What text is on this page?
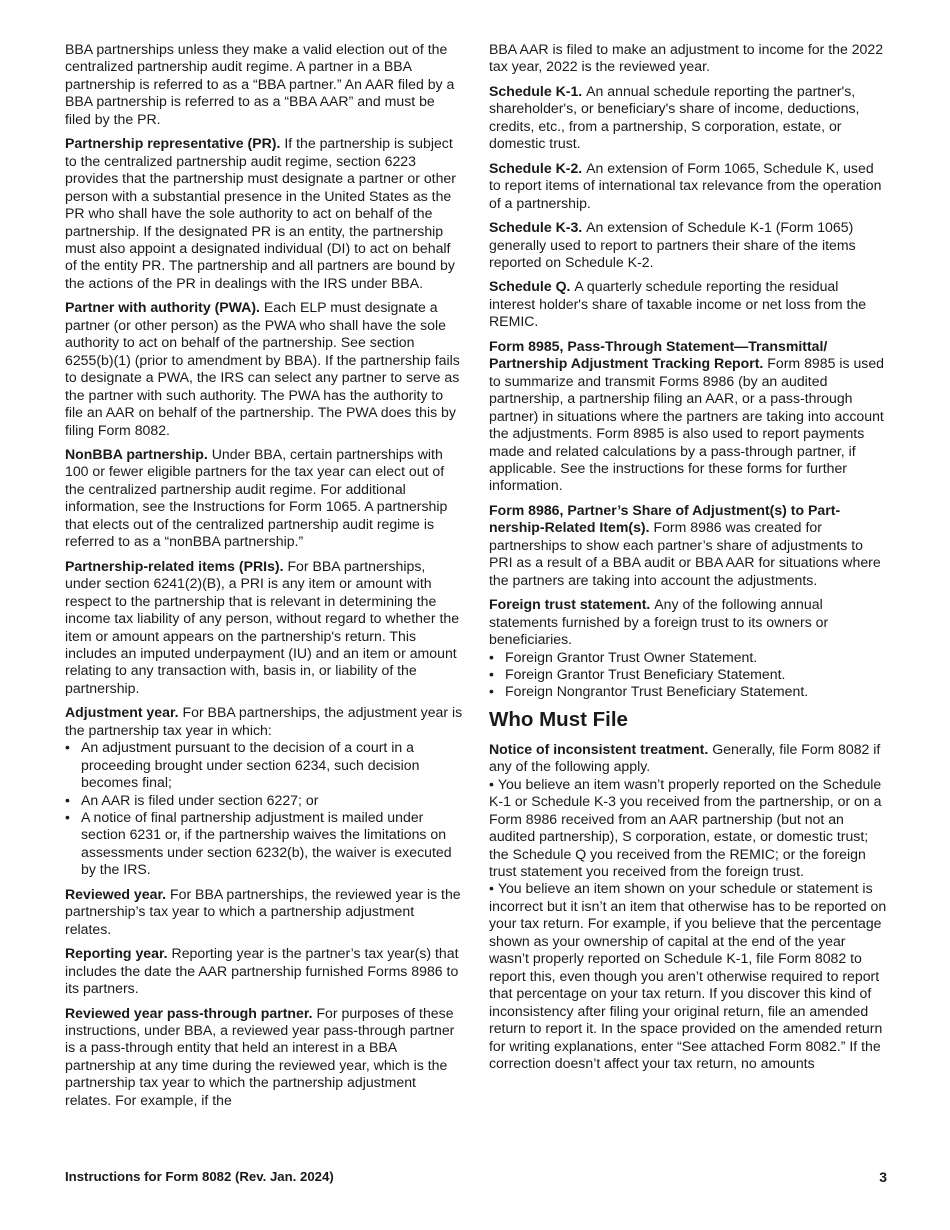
BBA partnerships unless they make a valid election out of the centralized partnership audit regime. A partner in a BBA partnership is referred to as a “BBA partner.” An AAR filed by a BBA partnership is referred to as a “BBA AAR” and must be filed by the PR.

Partnership representative (PR). If the partnership is subject to the centralized partnership audit regime, section 6223 provides that the partnership must designate a partner or other person with a substantial presence in the United States as the PR who shall have the sole authority to act on behalf of the partnership. If the designated PR is an entity, the partnership must also appoint a designated individual (DI) to act on behalf of the entity PR. The partnership and all partners are bound by the actions of the PR in dealings with the IRS under BBA.

Partner with authority (PWA). Each ELP must designate a partner (or other person) as the PWA who shall have the sole authority to act on behalf of the partnership. See section 6255(b)(1) (prior to amendment by BBA). If the partnership fails to designate a PWA, the IRS can select any partner to serve as the partner with such authority. The PWA has the authority to file an AAR on behalf of the partnership. The PWA does this by filing Form 8082.

NonBBA partnership. Under BBA, certain partnerships with 100 or fewer eligible partners for the tax year can elect out of the centralized partnership audit regime. For additional information, see the Instructions for Form 1065. A partnership that elects out of the centralized partnership audit regime is referred to as a “nonBBA partnership.”

Partnership-related items (PRIs). For BBA partnerships, under section 6241(2)(B), a PRI is any item or amount with respect to the partnership that is relevant in determining the income tax liability of any person, without regard to whether the item or amount appears on the partnership's return. This includes an imputed underpayment (IU) and an item or amount relating to any transaction with, basis in, or liability of the partnership.

Adjustment year. For BBA partnerships, the adjustment year is the partnership tax year in which:
• An adjustment pursuant to the decision of a court in a proceeding brought under section 6234, such decision becomes final;
• An AAR is filed under section 6227; or
• A notice of final partnership adjustment is mailed under section 6231 or, if the partnership waives the limitations on assessments under section 6232(b), the waiver is executed by the IRS.

Reviewed year. For BBA partnerships, the reviewed year is the partnership’s tax year to which a partnership adjustment relates.

Reporting year. Reporting year is the partner’s tax year(s) that includes the date the AAR partnership furnished Forms 8986 to its partners.

Reviewed year pass-through partner. For purposes of these instructions, under BBA, a reviewed year pass-through partner is a pass-through entity that held an interest in a BBA partnership at any time during the reviewed year, which is the partnership tax year to which the partnership adjustment relates. For example, if the

BBA AAR is filed to make an adjustment to income for the 2022 tax year, 2022 is the reviewed year.

Schedule K-1. An annual schedule reporting the partner's, shareholder's, or beneficiary's share of income, deductions, credits, etc., from a partnership, S corporation, estate, or domestic trust.

Schedule K-2. An extension of Form 1065, Schedule K, used to report items of international tax relevance from the operation of a partnership.

Schedule K-3. An extension of Schedule K-1 (Form 1065) generally used to report to partners their share of the items reported on Schedule K-2.

Schedule Q. A quarterly schedule reporting the residual interest holder's share of taxable income or net loss from the REMIC.

Form 8985, Pass-Through Statement—Transmittal/ Partnership Adjustment Tracking Report. Form 8985 is used to summarize and transmit Forms 8986 (by an audited partnership, a partnership filing an AAR, or a pass-through partner) in situations where the partners are taking into account the adjustments. Form 8985 is also used to report payments made and related calculations by a pass-through partner, if applicable. See the instructions for these forms for further information.

Form 8986, Partner’s Share of Adjustment(s) to Partnership-Related Item(s). Form 8986 was created for partnerships to show each partner’s share of adjustments to PRI as a result of a BBA audit or BBA AAR for situations where the partners are taking into account the adjustments.

Foreign trust statement. Any of the following annual statements furnished by a foreign trust to its owners or beneficiaries.
• Foreign Grantor Trust Owner Statement.
• Foreign Grantor Trust Beneficiary Statement.
• Foreign Nongrantor Trust Beneficiary Statement.
Who Must File
Notice of inconsistent treatment. Generally, file Form 8082 if any of the following apply.
• You believe an item wasn’t properly reported on the Schedule K-1 or Schedule K-3 you received from the partnership, or on a Form 8986 received from an AAR partnership (but not an audited partnership), S corporation, estate, or domestic trust; the Schedule Q you received from the REMIC; or the foreign trust statement you received from the foreign trust.
• You believe an item shown on your schedule or statement is incorrect but it isn’t an item that otherwise has to be reported on your tax return. For example, if you believe that the percentage shown as your ownership of capital at the end of the year wasn’t properly reported on Schedule K-1, file Form 8082 to report this, even though you aren’t otherwise required to report that percentage on your tax return. If you discover this kind of inconsistency after filing your original return, file an amended return to report it. In the space provided on the amended return for writing explanations, enter “See attached Form 8082.” If the correction doesn’t affect your tax return, no amounts
Instructions for Form 8082 (Rev. Jan. 2024)	3
